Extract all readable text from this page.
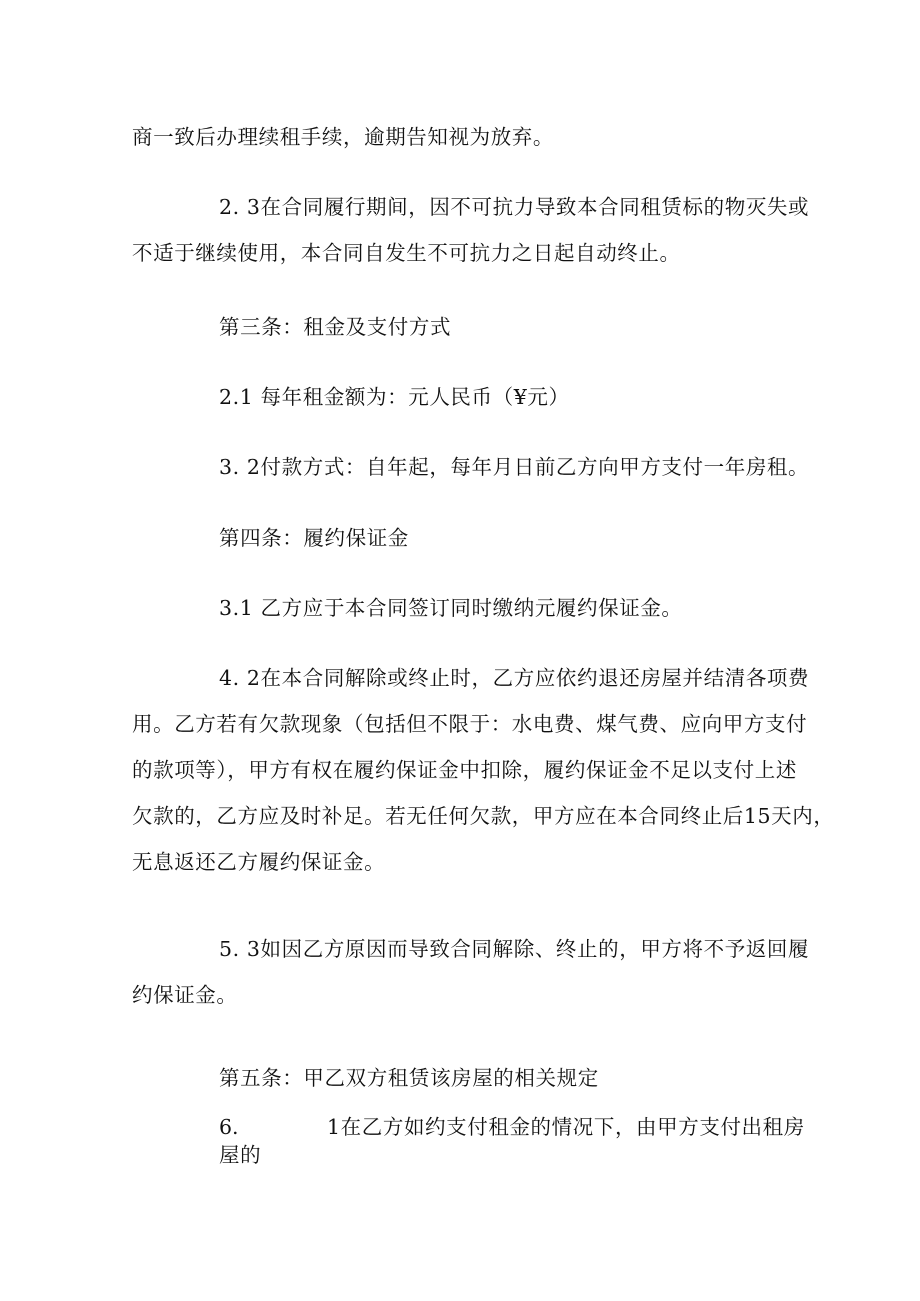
商一致后办理续租手续，逾期告知视为放弃。
2. 3在合同履行期间，因不可抗力导致本合同租赁标的物灭失或
不适于继续使用，本合同自发生不可抗力之日起自动终止。
第三条：租金及支付方式
2.1 每年租金额为：元人民币（¥元）
3. 2付款方式：自年起，每年月日前乙方向甲方支付一年房租。
第四条：履约保证金
3.1 乙方应于本合同签订同时缴纳元履约保证金。
4. 2在本合同解除或终止时，乙方应依约退还房屋并结清各项费
用。乙方若有欠款现象（包括但不限于：水电费、煤气费、应向甲方支付
的款项等），甲方有权在履约保证金中扣除，履约保证金不足以支付上述
欠款的，乙方应及时补足。若无任何欠款，甲方应在本合同终止后15天内，
无息返还乙方履约保证金。
5. 3如因乙方原因而导致合同解除、终止的，甲方将不予返回履
约保证金。
第五条：甲乙双方租赁该房屋的相关规定
6.	1在乙方如约支付租金的情况下，由甲方支付出租房
屋的
